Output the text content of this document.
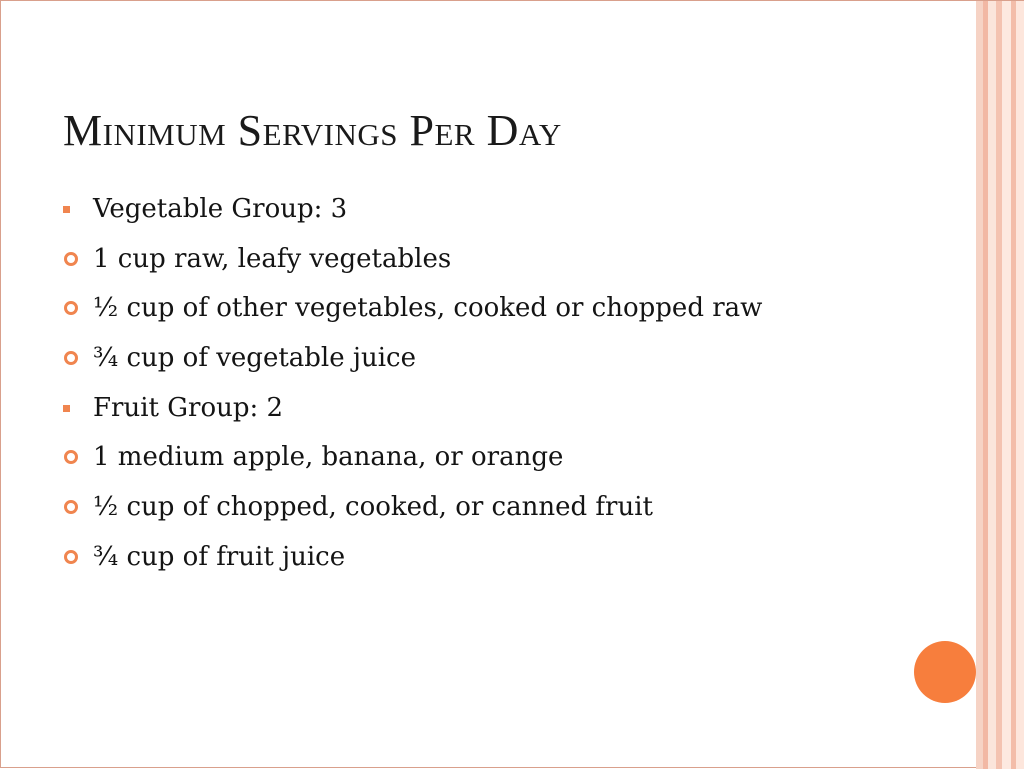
Minimum Servings Per Day
Vegetable Group: 3
1 cup raw, leafy vegetables
½ cup of other vegetables, cooked or chopped raw
¾ cup of vegetable juice
Fruit Group: 2
1 medium apple, banana, or orange
½ cup of chopped, cooked, or canned fruit
¾ cup of fruit juice
